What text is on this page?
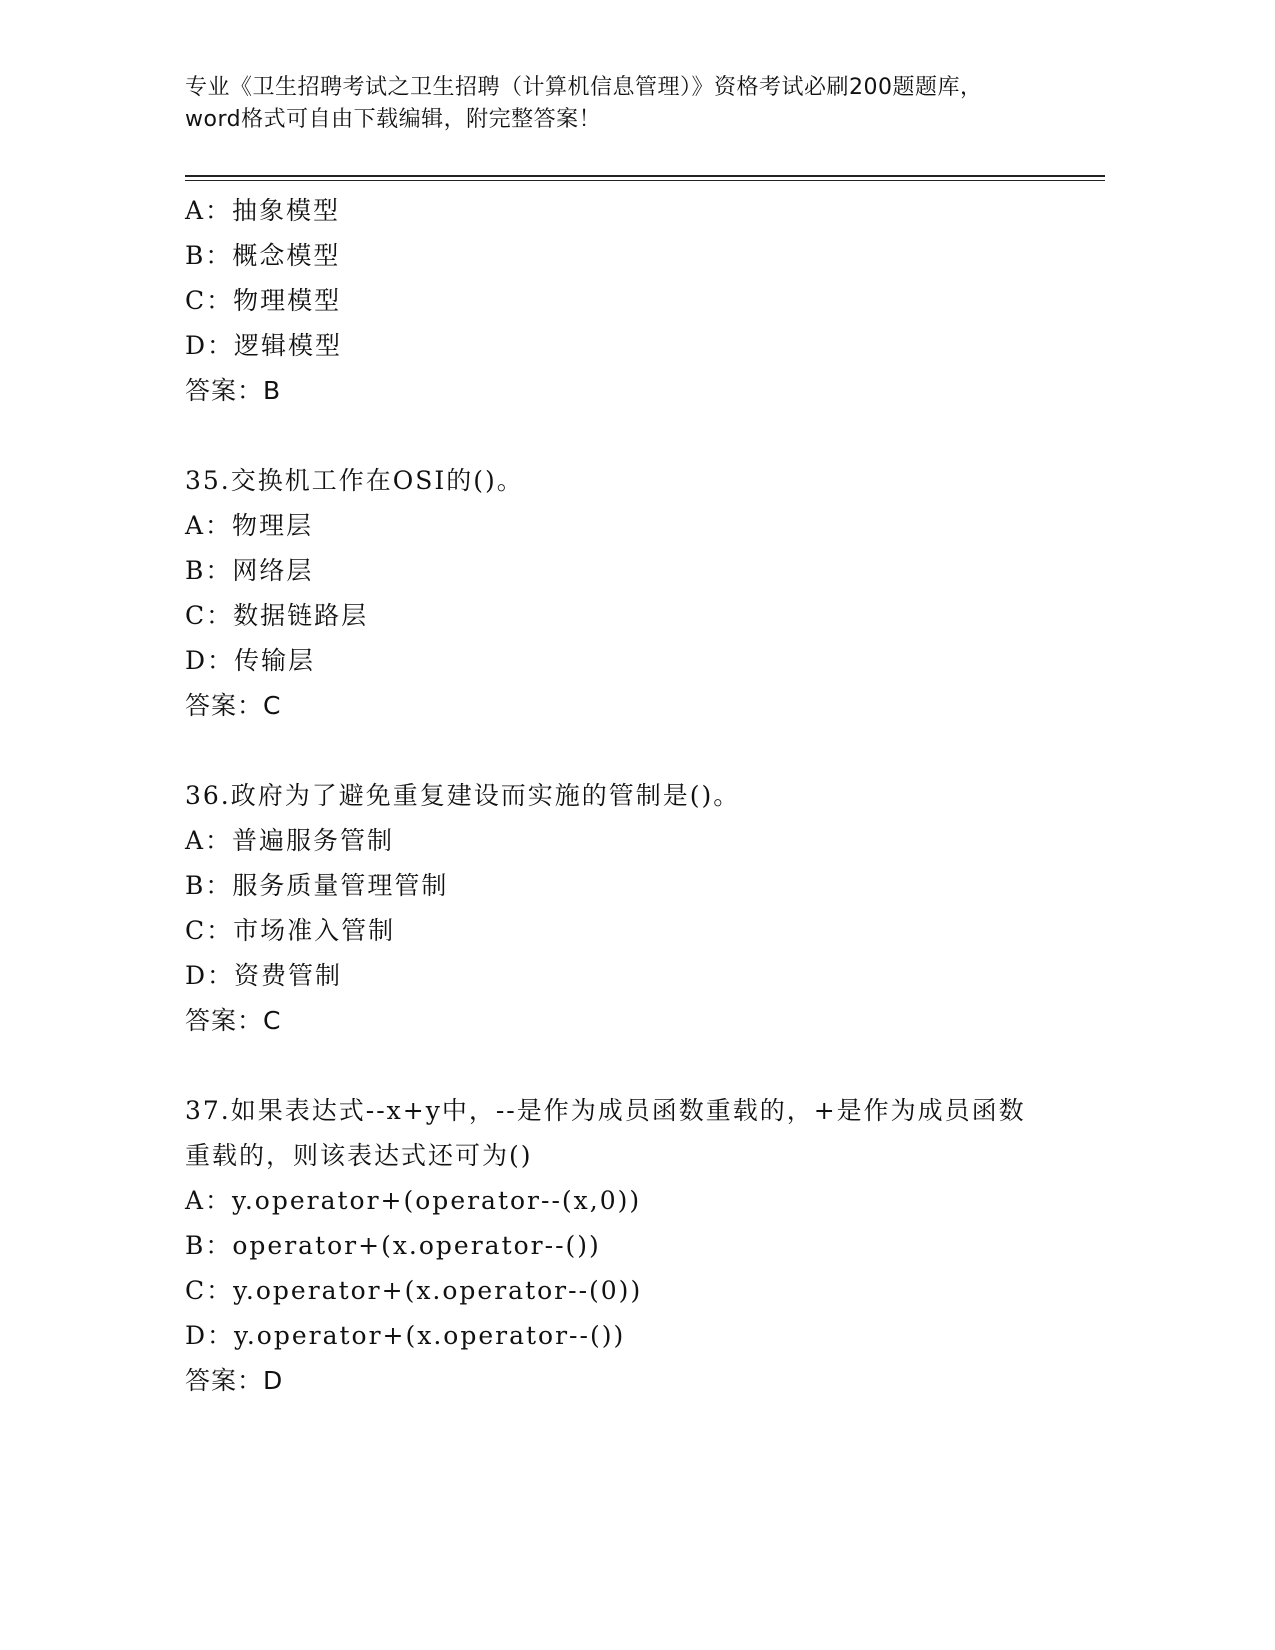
专业《卫生招聘考试之卫生招聘（计算机信息管理）》资格考试必刷200题题库，
word格式可自由下载编辑，附完整答案！
A：抽象模型
B：概念模型
C：物理模型
D：逻辑模型
答案：B
35.交换机工作在OSI的()。
A：物理层
B：网络层
C：数据链路层
D：传输层
答案：C
36.政府为了避免重复建设而实施的管制是()。
A：普遍服务管制
B：服务质量管理管制
C：市场准入管制
D：资费管制
答案：C
37.如果表达式--x+y中，--是作为成员函数重载的，+是作为成员函数
重载的，则该表达式还可为()
A：y.operator+(operator--(x,0))
B：operator+(x.operator--())
C：y.operator+(x.operator--(0))
D：y.operator+(x.operator--())
答案：D
